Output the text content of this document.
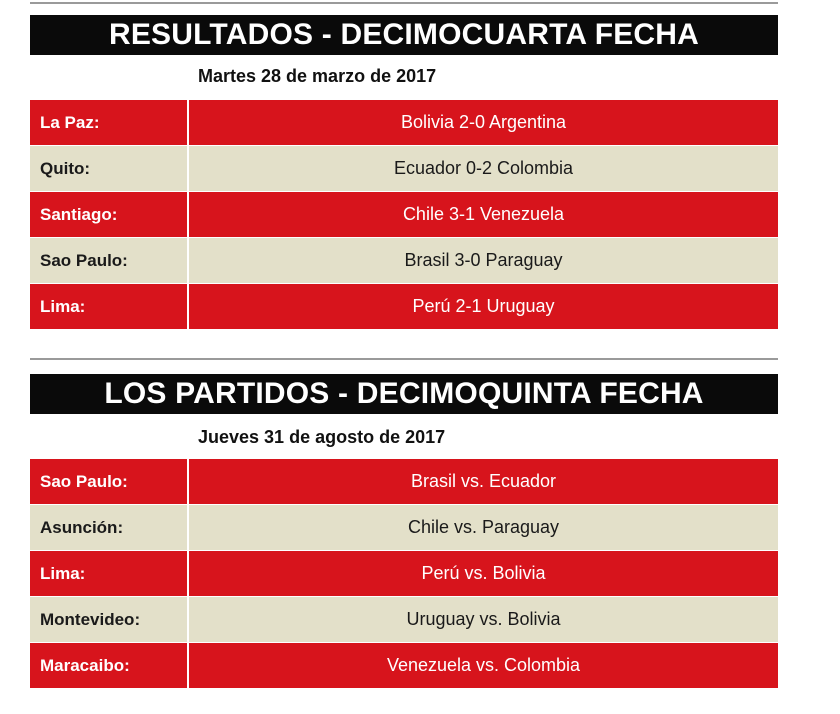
RESULTADOS - DECIMOCUARTA FECHA
Martes 28 de marzo de 2017
La Paz:	Bolivia 2-0 Argentina
Quito:	Ecuador 0-2 Colombia
Santiago:	Chile 3-1 Venezuela
Sao Paulo:	Brasil 3-0 Paraguay
Lima:	Perú 2-1 Uruguay
LOS PARTIDOS - DECIMOQUINTA FECHA
Jueves 31 de agosto de 2017
Sao Paulo:	Brasil vs. Ecuador
Asunción:	Chile vs. Paraguay
Lima:	Perú vs. Bolivia
Montevideo:	Uruguay vs. Bolivia
Maracaibo:	Venezuela vs. Colombia
